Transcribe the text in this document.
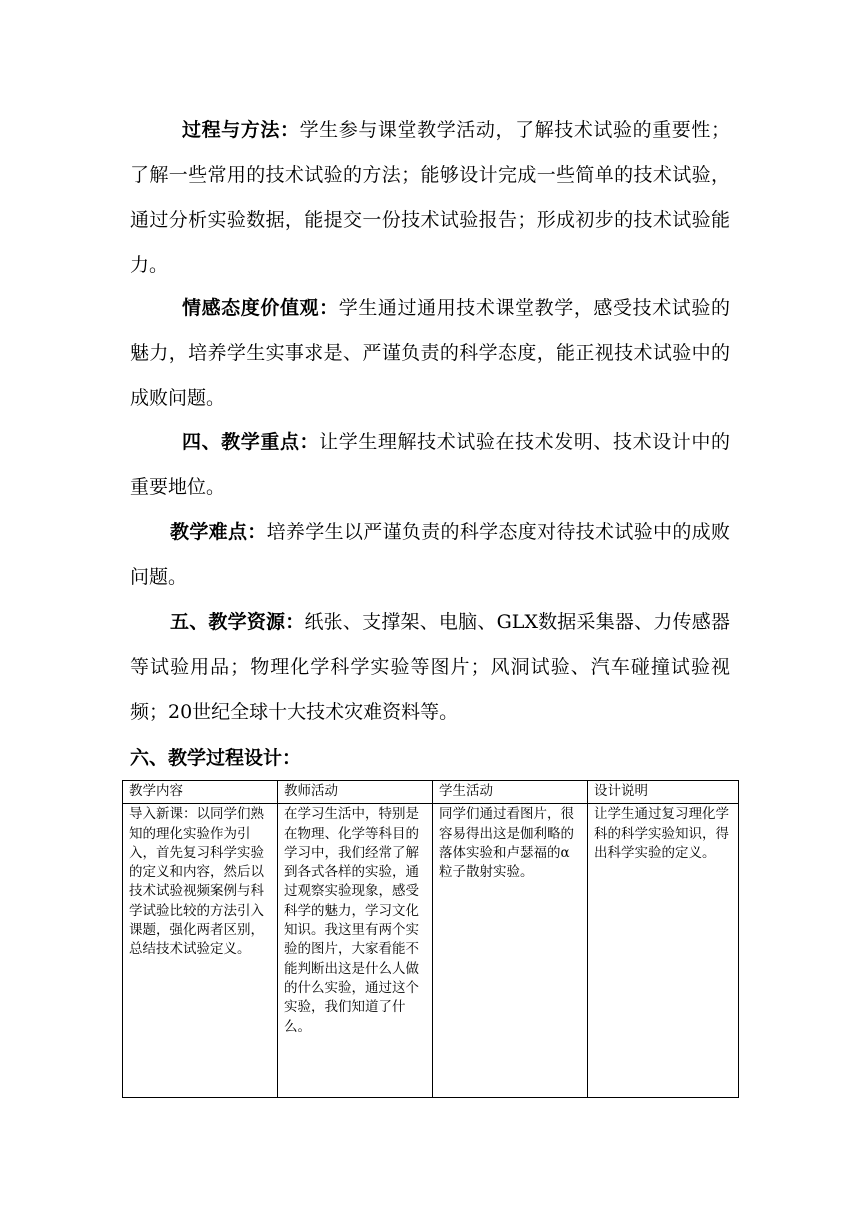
过程与方法：学生参与课堂教学活动，了解技术试验的重要性；了解一些常用的技术试验的方法；能够设计完成一些简单的技术试验，通过分析实验数据，能提交一份技术试验报告；形成初步的技术试验能力。

情感态度价值观：学生通过通用技术课堂教学，感受技术试验的魅力，培养学生实事求是、严谨负责的科学态度，能正视技术试验中的成败问题。

四、教学重点：让学生理解技术试验在技术发明、技术设计中的重要地位。

教学难点：培养学生以严谨负责的科学态度对待技术试验中的成败问题。

五、教学资源：纸张、支撑架、电脑、GLX数据采集器、力传感器等试验用品；物理化学科学实验等图片；风洞试验、汽车碰撞试验视频；20世纪全球十大技术灾难资料等。

六、教学过程设计：
教学内容	教师活动	学生活动	设计说明
导入新课：以同学们熟知的理化实验作为引入，首先复习科学实验的定义和内容，然后以技术试验视频案例与科学试验比较的方法引入课题，强化两者区别，总结技术试验定义。	在学习生活中，特别是在物理、化学等科目的学习中，我们经常了解到各式各样的实验，通过观察实验现象，感受科学的魅力，学习文化知识。我这里有两个实验的图片，大家看能不能判断出这是什么人做的什么实验，通过这个实验，我们知道了什么。	同学们通过看图片，很容易得出这是伽利略的落体实验和卢瑟福的α粒子散射实验。	让学生通过复习理化学科的科学实验知识，得出科学实验的定义。
